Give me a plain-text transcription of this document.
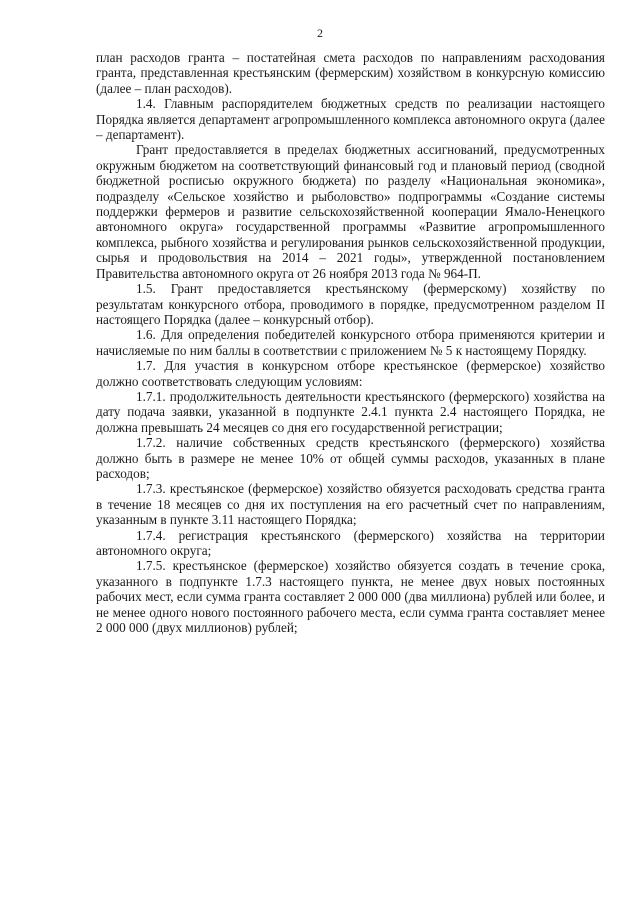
2

план расходов гранта – постатейная смета расходов по направлениям расходования гранта, представленная крестьянским (фермерским) хозяйством в конкурсную комиссию (далее – план расходов).

1.4. Главным распорядителем бюджетных средств по реализации настоящего Порядка является департамент агропромышленного комплекса автономного округа (далее – департамент).

Грант предоставляется в пределах бюджетных ассигнований, предусмотренных окружным бюджетом на соответствующий финансовый год и плановый период (сводной бюджетной росписью окружного бюджета) по разделу «Национальная экономика», подразделу «Сельское хозяйство и рыболовство» подпрограммы «Создание системы поддержки фермеров и развитие сельскохозяйственной кооперации Ямало-Ненецкого автономного округа» государственной программы «Развитие агропромышленного комплекса, рыбного хозяйства и регулирования рынков сельскохозяйственной продукции, сырья и продовольствия на 2014 – 2021 годы», утвержденной постановлением Правительства автономного округа от 26 ноября 2013 года № 964-П.

1.5. Грант предоставляется крестьянскому (фермерскому) хозяйству по результатам конкурсного отбора, проводимого в порядке, предусмотренном разделом II настоящего Порядка (далее – конкурсный отбор).

1.6. Для определения победителей конкурсного отбора применяются критерии и начисляемые по ним баллы в соответствии с приложением № 5 к настоящему Порядку.

1.7. Для участия в конкурсном отборе крестьянское (фермерское) хозяйство должно соответствовать следующим условиям:

1.7.1. продолжительность деятельности крестьянского (фермерского) хозяйства на дату подача заявки, указанной в подпункте 2.4.1 пункта 2.4 настоящего Порядка, не должна превышать 24 месяцев со дня его государственной регистрации;

1.7.2. наличие собственных средств крестьянского (фермерского) хозяйства должно быть в размере не менее 10% от общей суммы расходов, указанных в плане расходов;

1.7.3. крестьянское (фермерское) хозяйство обязуется расходовать средства гранта в течение 18 месяцев со дня их поступления на его расчетный счет по направлениям, указанным в пункте 3.11 настоящего Порядка;

1.7.4. регистрация крестьянского (фермерского) хозяйства на территории автономного округа;

1.7.5. крестьянское (фермерское) хозяйство обязуется создать в течение срока, указанного в подпункте 1.7.3 настоящего пункта, не менее двух новых постоянных рабочих мест, если сумма гранта составляет 2 000 000 (два миллиона) рублей или более, и не менее одного нового постоянного рабочего места, если сумма гранта составляет менее 2 000 000 (двух миллионов) рублей;
